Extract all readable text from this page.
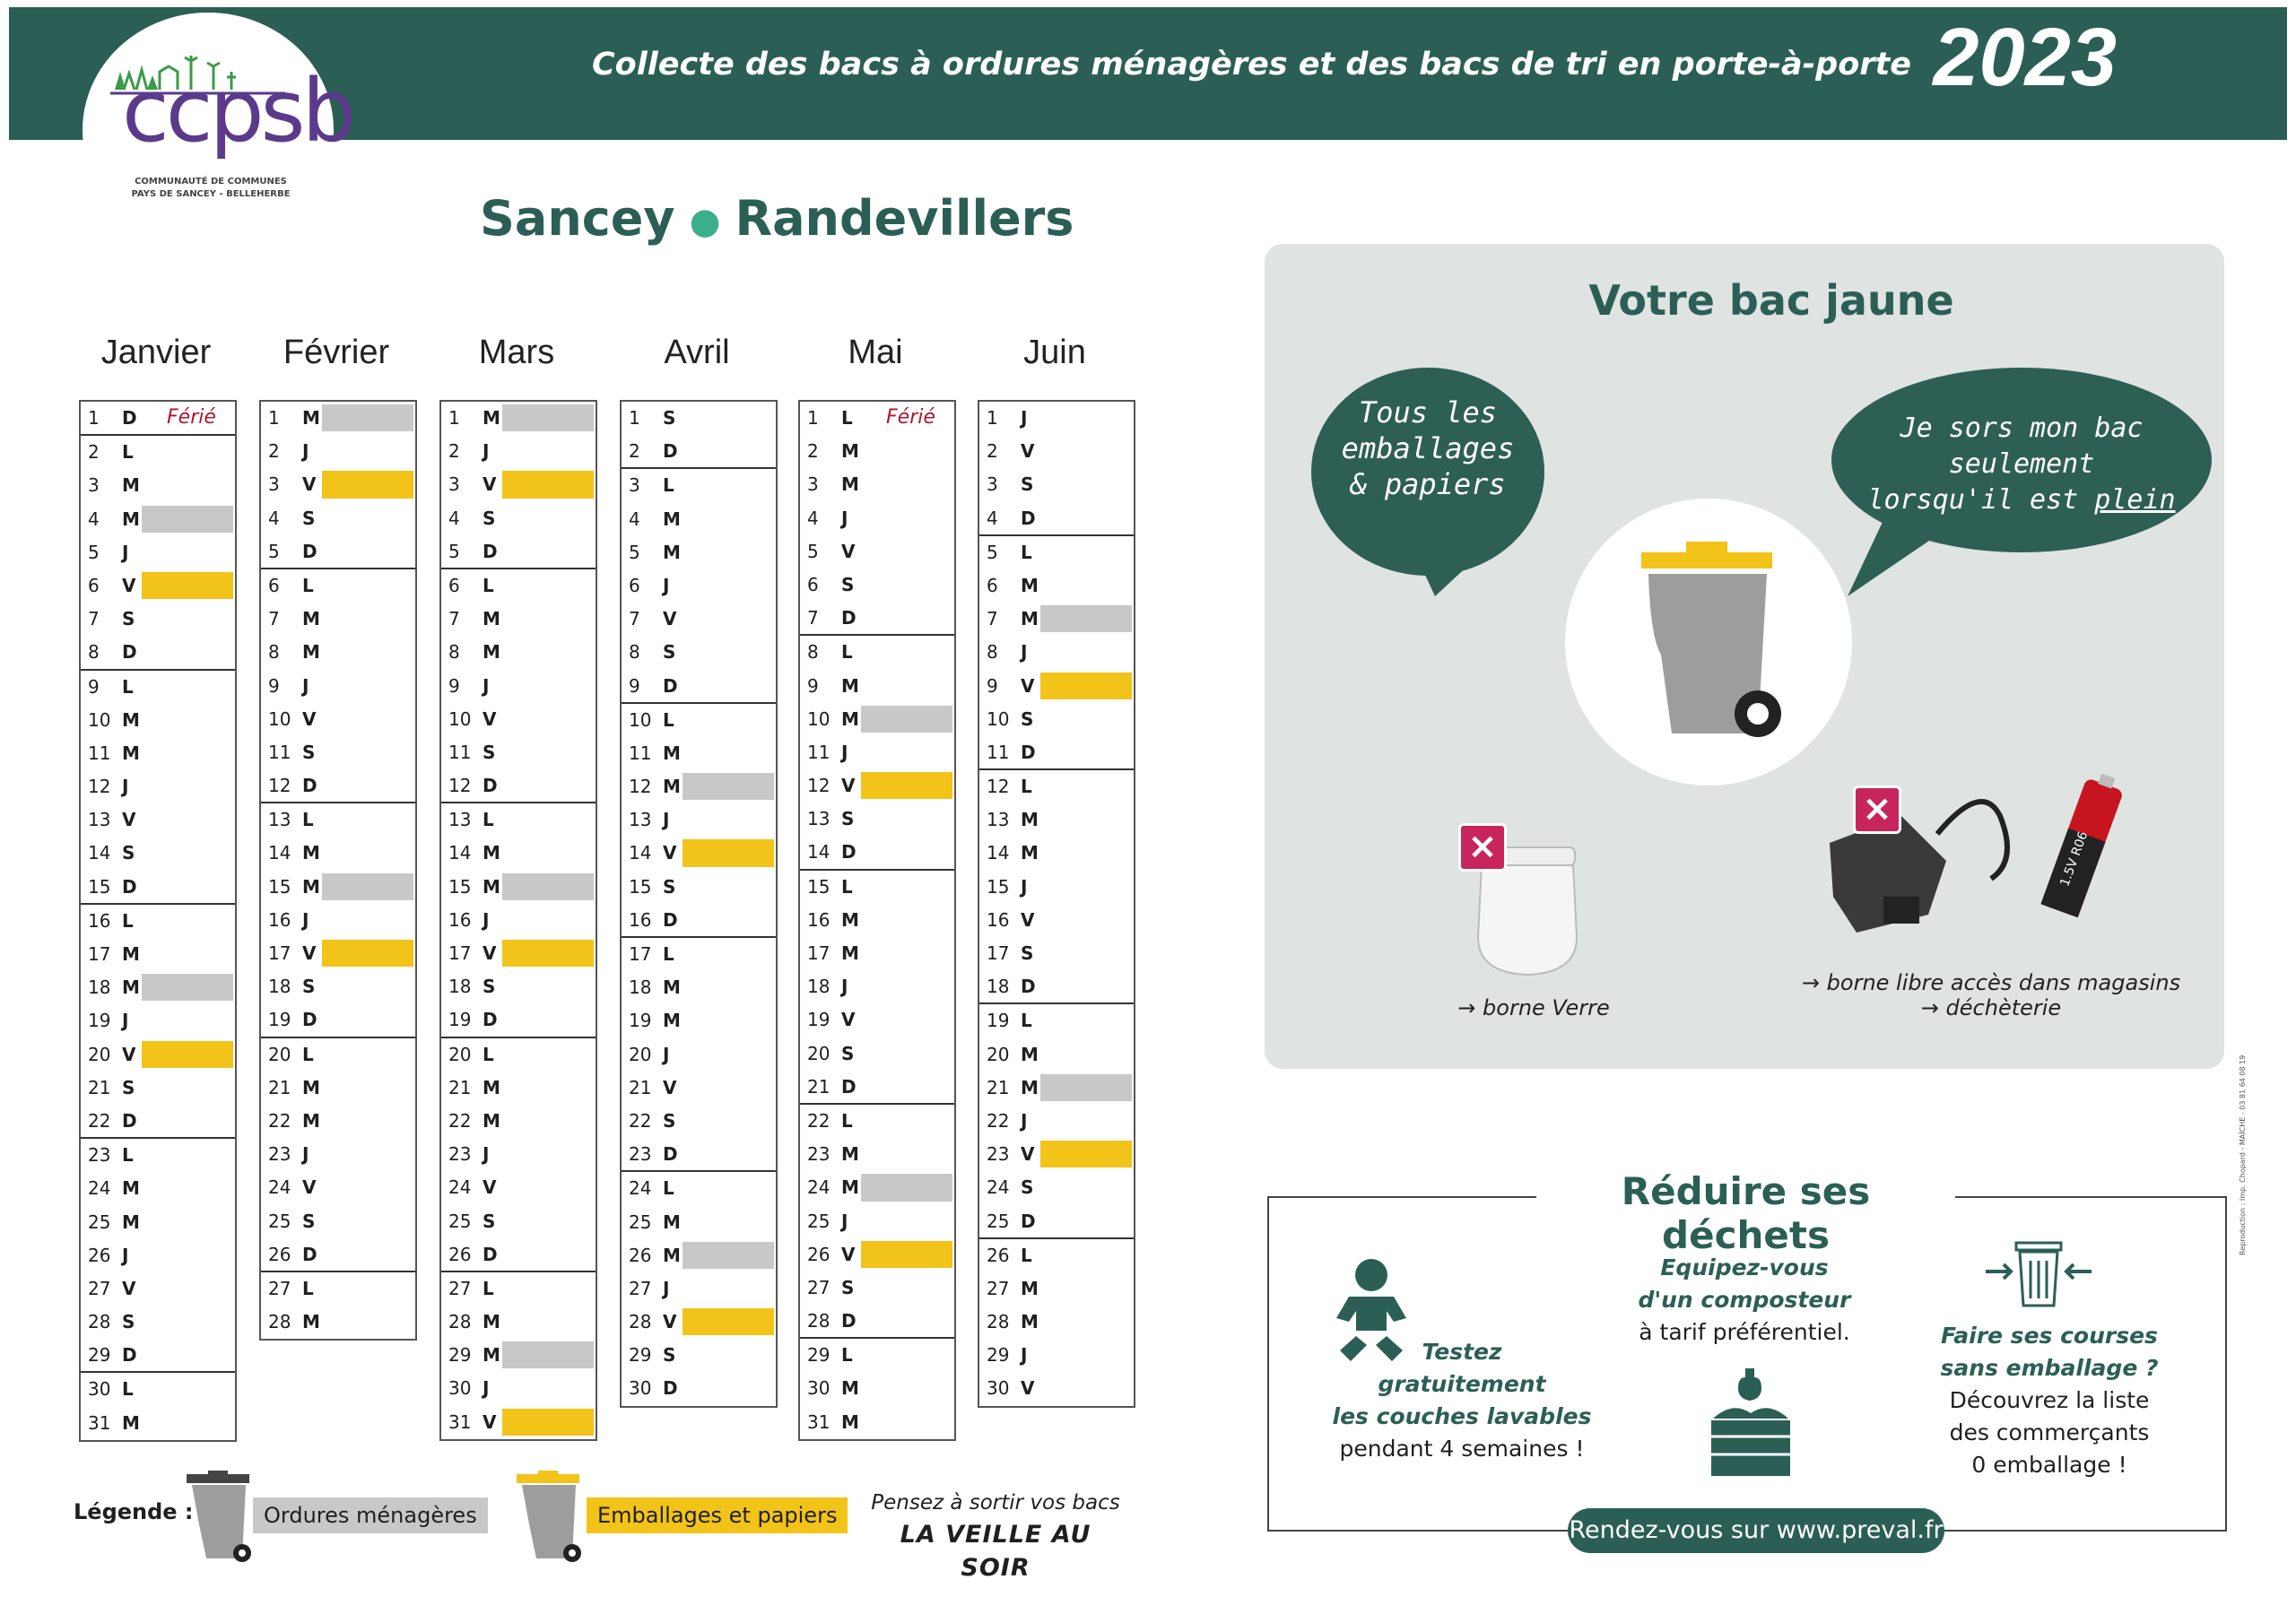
Collecte des bacs à ordures ménagères et des bacs de tri en porte-à-porte 2023
ccpsb
COMMUNAUTÉ DE COMMUNES
PAYS DE SANCEY - BELLEHERBE	Sancey ● Randevillers
Janvier
1	D Férié
2	L
3	M
4	M
5	J
6	V
7	S
8	D
9	L
10 M
11 M
12 J
13 V
14 S
15 D
16 L
17 M
18 M
19 J
20 V
21 S
22 D
23 L
24 M
25 M
26 J
27 V
28 S
29 D
30 L
31 M
Février
1	M
2	J
3	V
4	S
5	D
6	L
7	M
8	M
9	J
10 V
11 S
12 D
13 L
14 M
15 M
16 J
17 V
18 S
19 D
20 L
21 M
22 M
23 J
24 V
25 S
26 D
27 L
28 M
Mars
1	M
2	J
3	V
4	S
5	D
6	L
7	M
8	M
9	J
10 V
11 S
12 D
13 L
14 M
15 M
16 J
17 V
18 S
19 D
20 L
21 M
22 M
23 J
24 V
25 S
26 D
27 L
28 M
29 M
30 J
31 V
Avril
1	S
2	D
3	L
4	M
5	M
6	J
7	V
8	S
9	D
10 L
11 M
12 M
13 J
14 V
15 S
16 D
17 L
18 M
19 M
20 J
21 V
22 S
23 D
24 L
25 M
26 M
27 J
28 V
29 S
30 D
Mai
1	L Férié
2	M
3	M
4	J
5	V
6	S
7	D
8	L
9	M
10 M
11 J
12 V
13 S
14 D
15 L
16 M
17 M
18 J
19 V
20 S
21 D
22 L
23 M
24 M
25 J
26 V
27 S
28 D
29 L
30 M
31 M
Juin
1	J
2	V
3	S
4	D
5	L
6	M
7	M
8	J
9	V
10 S
11 D
12 L
13 M
14 M
15 J
16 V
17 S
18 D
19 L
20 M
21 M
22 J
23 V
24 S
25 D
26 L
27 M
28 M
29 J
30 V
Votre bac jaune
Tous les
emballages
& papiers
Je sors mon bac
seulement
lorsqu'il est plein
×
→ borne Verre
1.5V R06
×
→ borne libre accès dans magasins
→ déchèterie
Réduire ses déchets
Testez
gratuitement
les couches lavables
pendant 4 semaines !
Equipez-vous
d'un composteur
à tarif préférentiel.	Faire ses courses
sans emballage ?
Découvrez la liste
des commerçants
0 emballage !
Rendez-vous sur www.preval.fr
Reproduction : Imp. Chopard - MAÎCHE - 03 81 64 08 19
Légende :	Ordures ménagères	Emballages et papiers	Pensez à sortir vos bacs
LA VEILLE AU SOIR
